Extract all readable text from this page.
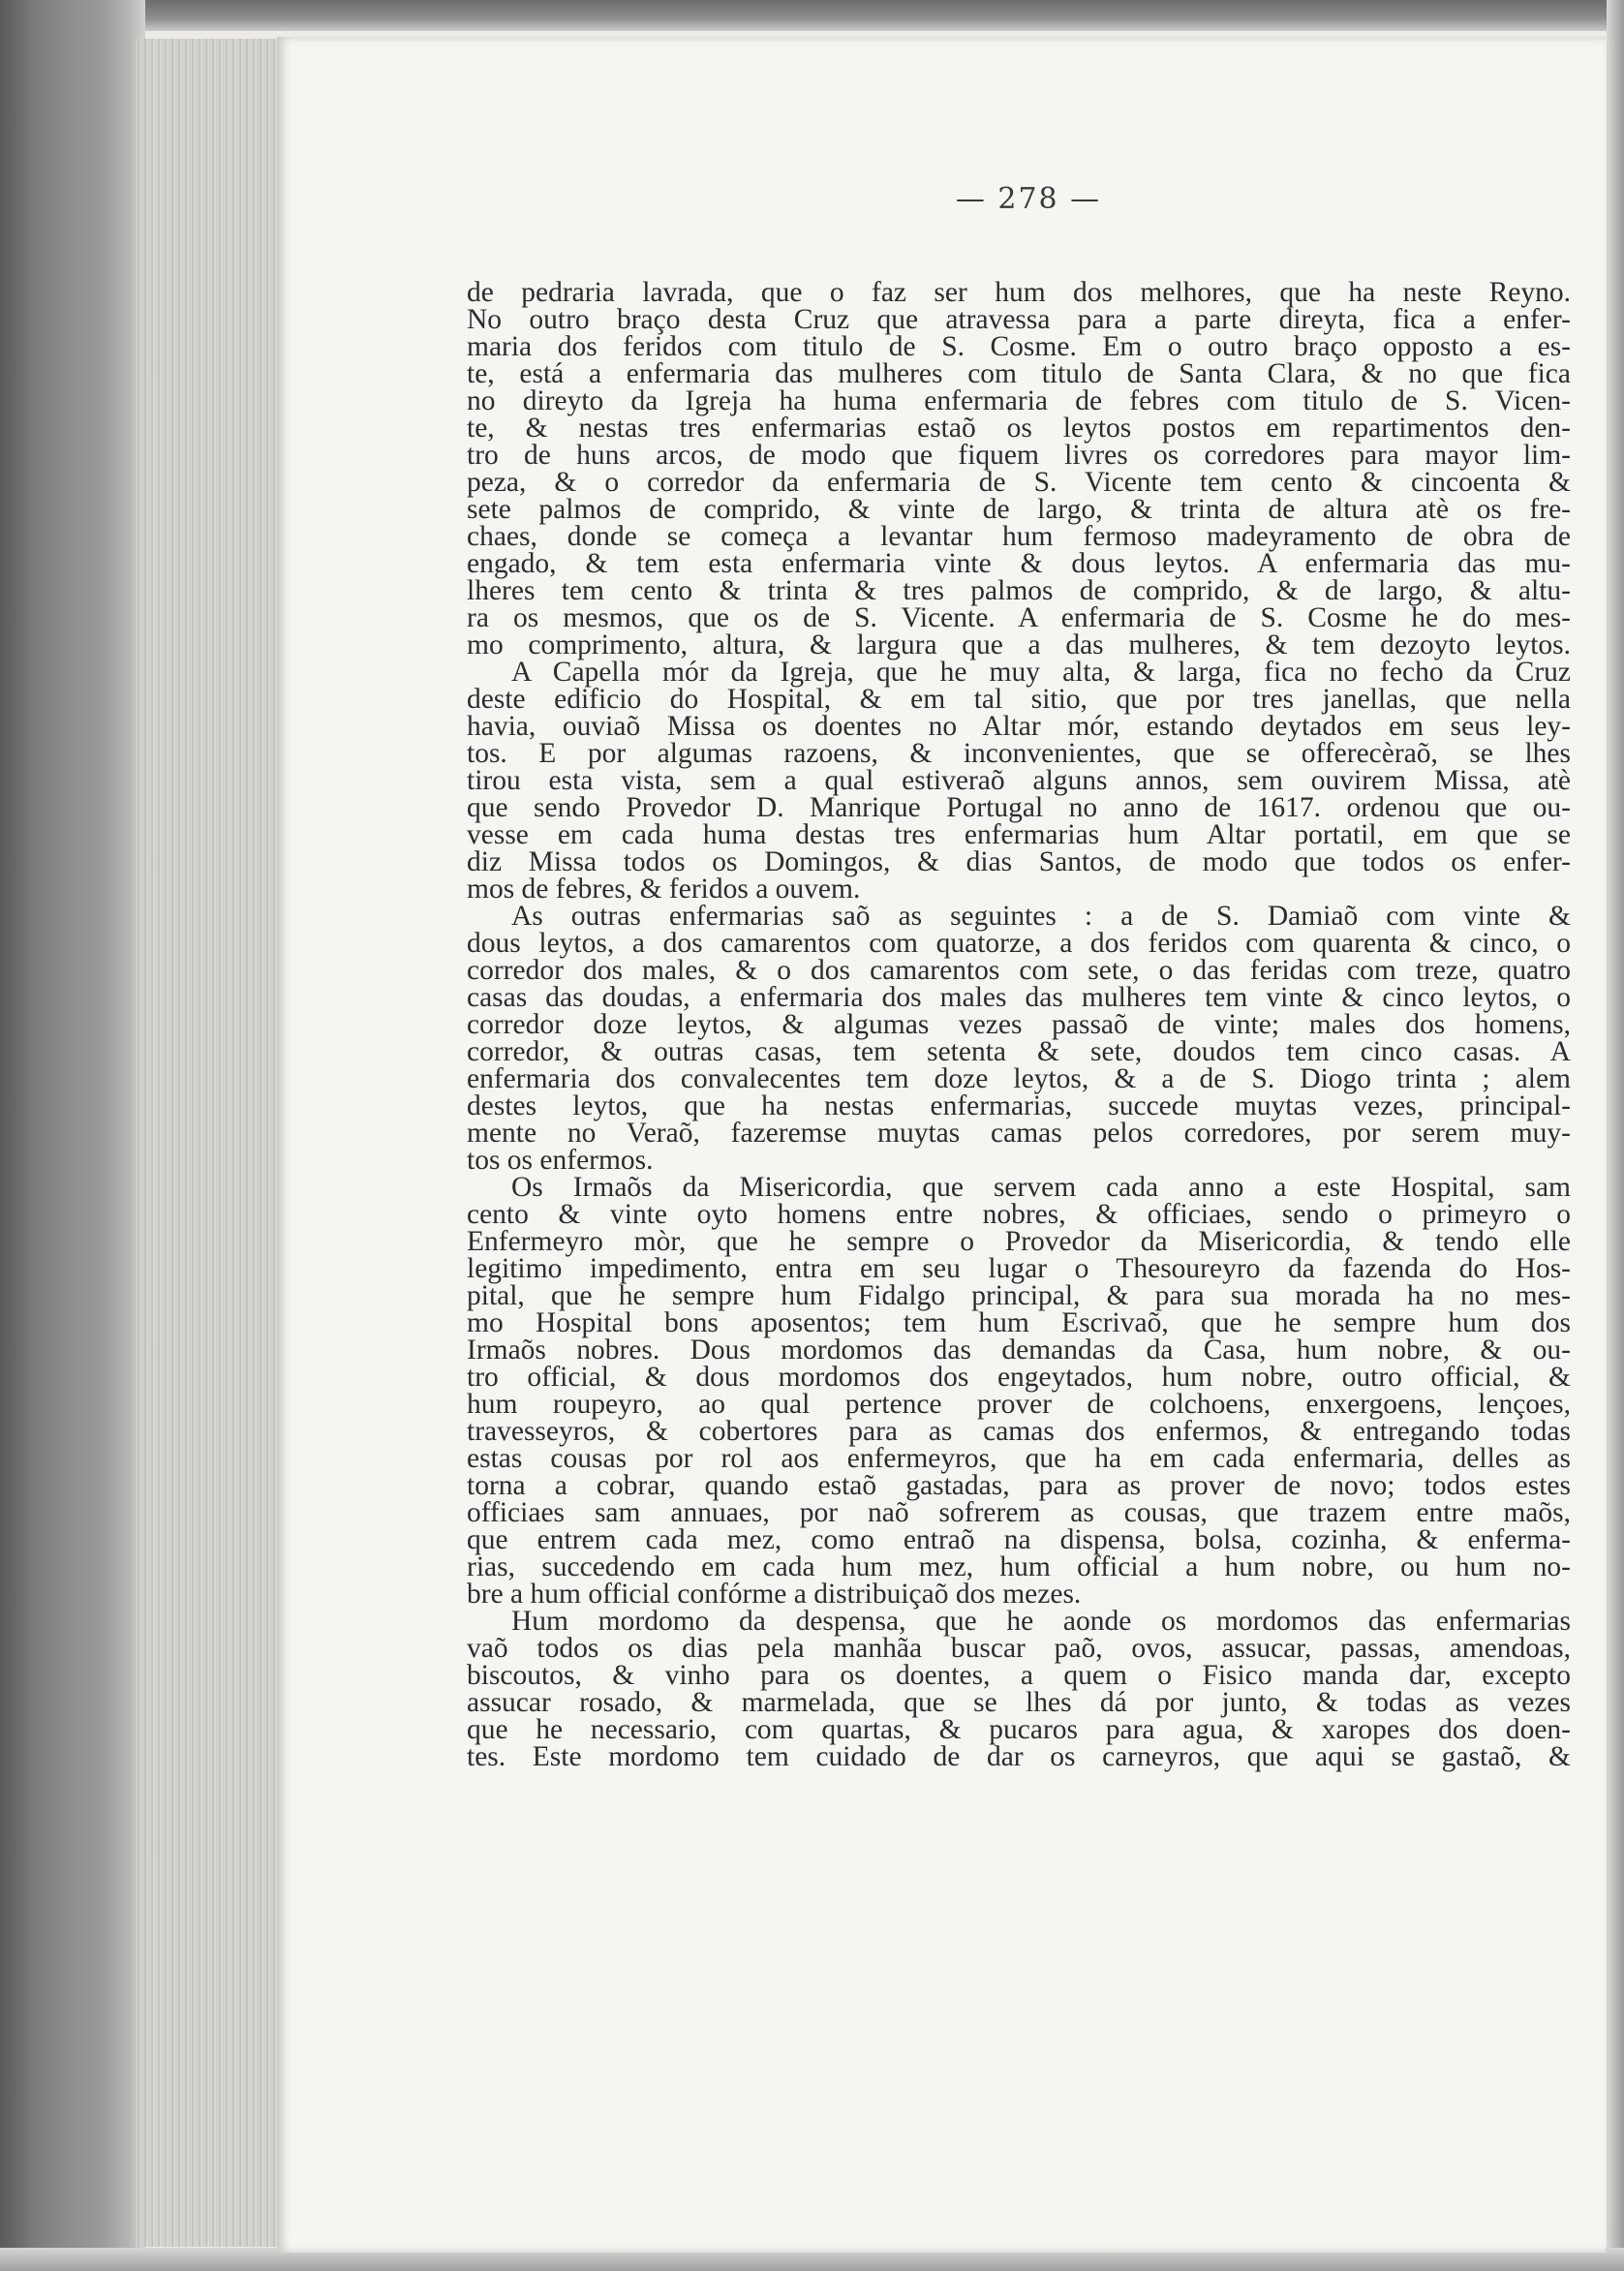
— 278 —
de pedraria lavrada, que o faz ser hum dos melhores, que ha neste Reyno.
No outro braço desta Cruz que atravessa para a parte direyta, fica a enfer-
maria dos feridos com titulo de S. Cosme. Em o outro braço opposto a es-
te, está a enfermaria das mulheres com titulo de Santa Clara, & no que fica
no direyto da Igreja ha huma enfermaria de febres com titulo de S. Vicen-
te, & nestas tres enfermarias estaõ os leytos postos em repartimentos den-
tro de huns arcos, de modo que fiquem livres os corredores para mayor lim-
peza, & o corredor da enfermaria de S. Vicente tem cento & cincoenta &
sete palmos de comprido, & vinte de largo, & trinta de altura atè os fre-
chaes, donde se começa a levantar hum fermoso madeyramento de obra de
engado, & tem esta enfermaria vinte & dous leytos. A enfermaria das mu-
lheres tem cento & trinta & tres palmos de comprido, & de largo, & altu-
ra os mesmos, que os de S. Vicente. A enfermaria de S. Cosme he do mes-
mo comprimento, altura, & largura que a das mulheres, & tem dezoyto leytos.
A Capella mór da Igreja, que he muy alta, & larga, fica no fecho da Cruz
deste edificio do Hospital, & em tal sitio, que por tres janellas, que nella
havia, ouviaõ Missa os doentes no Altar mór, estando deytados em seus ley-
tos. E por algumas razoens, & inconvenientes, que se offerecèraõ, se lhes
tirou esta vista, sem a qual estiveraõ alguns annos, sem ouvirem Missa, atè
que sendo Provedor D. Manrique Portugal no anno de 1617. ordenou que ou-
vesse em cada huma destas tres enfermarias hum Altar portatil, em que se
diz Missa todos os Domingos, & dias Santos, de modo que todos os enfer-
mos de febres, & feridos a ouvem.
As outras enfermarias saõ as seguintes : a de S. Damiaõ com vinte &
dous leytos, a dos camarentos com quatorze, a dos feridos com quarenta & cinco, o
corredor dos males, & o dos camarentos com sete, o das feridas com treze, quatro
casas das doudas, a enfermaria dos males das mulheres tem vinte & cinco leytos, o
corredor doze leytos, & algumas vezes passaõ de vinte; males dos homens,
corredor, & outras casas, tem setenta & sete, doudos tem cinco casas. A
enfermaria dos convalecentes tem doze leytos, & a de S. Diogo trinta ; alem
destes leytos, que ha nestas enfermarias, succede muytas vezes, principal-
mente no Veraõ, fazeremse muytas camas pelos corredores, por serem muy-
tos os enfermos.
Os Irmaõs da Misericordia, que servem cada anno a este Hospital, sam
cento & vinte oyto homens entre nobres, & officiaes, sendo o primeyro o
Enfermeyro mòr, que he sempre o Provedor da Misericordia, & tendo elle
legitimo impedimento, entra em seu lugar o Thesoureyro da fazenda do Hos-
pital, que he sempre hum Fidalgo principal, & para sua morada ha no mes-
mo Hospital bons aposentos; tem hum Escrivaõ, que he sempre hum dos
Irmaõs nobres. Dous mordomos das demandas da Casa, hum nobre, & ou-
tro official, & dous mordomos dos engeytados, hum nobre, outro official, &
hum roupeyro, ao qual pertence prover de colchoens, enxergoens, lençoes,
travesseyros, & cobertores para as camas dos enfermos, & entregando todas
estas cousas por rol aos enfermeyros, que ha em cada enfermaria, delles as
torna a cobrar, quando estaõ gastadas, para as prover de novo; todos estes
officiaes sam annuaes, por naõ sofrerem as cousas, que trazem entre maõs,
que entrem cada mez, como entraõ na dispensa, bolsa, cozinha, & enferma-
rias, succedendo em cada hum mez, hum official a hum nobre, ou hum no-
bre a hum official confórme a distribuiçaõ dos mezes.
Hum mordomo da despensa, que he aonde os mordomos das enfermarias
vaõ todos os dias pela manhãa buscar paõ, ovos, assucar, passas, amendoas,
biscoutos, & vinho para os doentes, a quem o Fisico manda dar, excepto
assucar rosado, & marmelada, que se lhes dá por junto, & todas as vezes
que he necessario, com quartas, & pucaros para agua, & xaropes dos doen-
tes. Este mordomo tem cuidado de dar os carneyros, que aqui se gastaõ, &
